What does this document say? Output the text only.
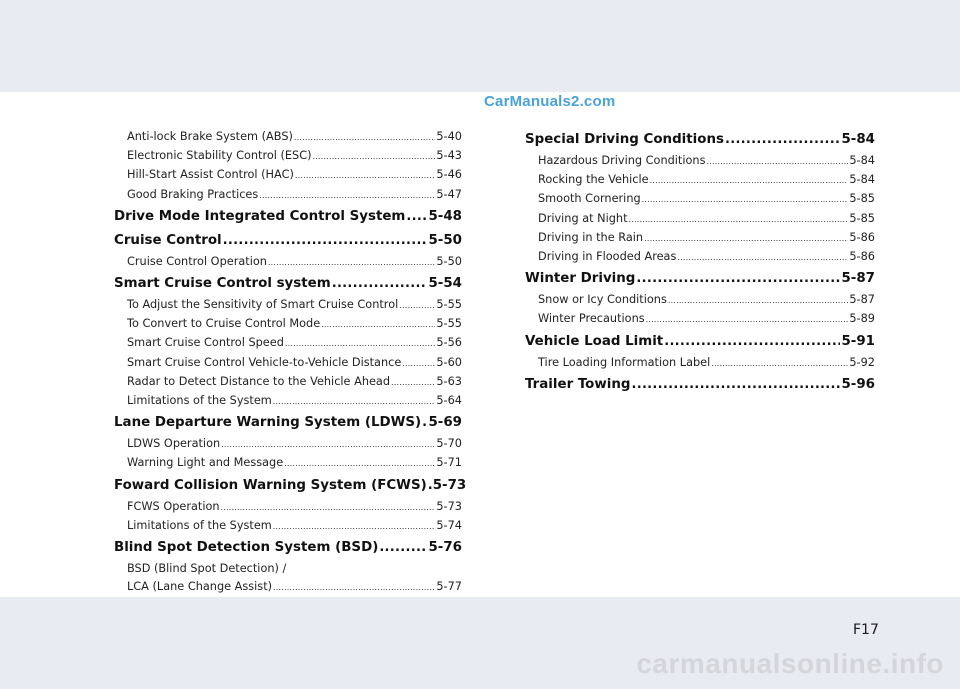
CarManuals2.com
Anti-lock Brake System (ABS) .....	5-40
Electronic Stability Control (ESC) .....	5-43
Hill-Start Assist Control (HAC) .....	5-46
Good Braking Practices .....	5-47
Drive Mode Integrated Control System ..... 5-48
Cruise Control .....	5-50
Cruise Control Operation .....	5-50
Smart Cruise Control system .....	5-54
To Adjust the Sensitivity of Smart Cruise Control .....	5-55
To Convert to Cruise Control Mode .....	5-55
Smart Cruise Control Speed .....	5-56
Smart Cruise Control Vehicle-to-Vehicle Distance .....	5-60
Radar to Detect Distance to the Vehicle Ahead .....	5-63
Limitations of the System .....	5-64
Lane Departure Warning System (LDWS) ..... 5-69
LDWS Operation .....	5-70
Warning Light and Message .....	5-71
Foward Collision Warning System (FCWS) ..... 5-73
FCWS Operation .....	5-73
Limitations of the System .....	5-74
Blind Spot Detection System (BSD) .....	5-76
BSD (Blind Spot Detection) /
LCA (Lane Change Assist) .....	5-77
.....
Special Driving Conditions .....	5-84
Hazardous Driving Conditions .....	5-84
Rocking the Vehicle .....	5-84
Smooth Cornering .....	5-85
Driving at Night .....	5-85
Driving in the Rain .....	5-86
Driving in Flooded Areas .....	5-86
Winter Driving .....	5-87
Snow or Icy Conditions .....	5-87
Winter Precautions .....	5-89
Vehicle Load Limit .....	5-91
Tire Loading Information Label .....	5-92
Trailer Towing .....	5-96
F17
carmanualsonline.info
